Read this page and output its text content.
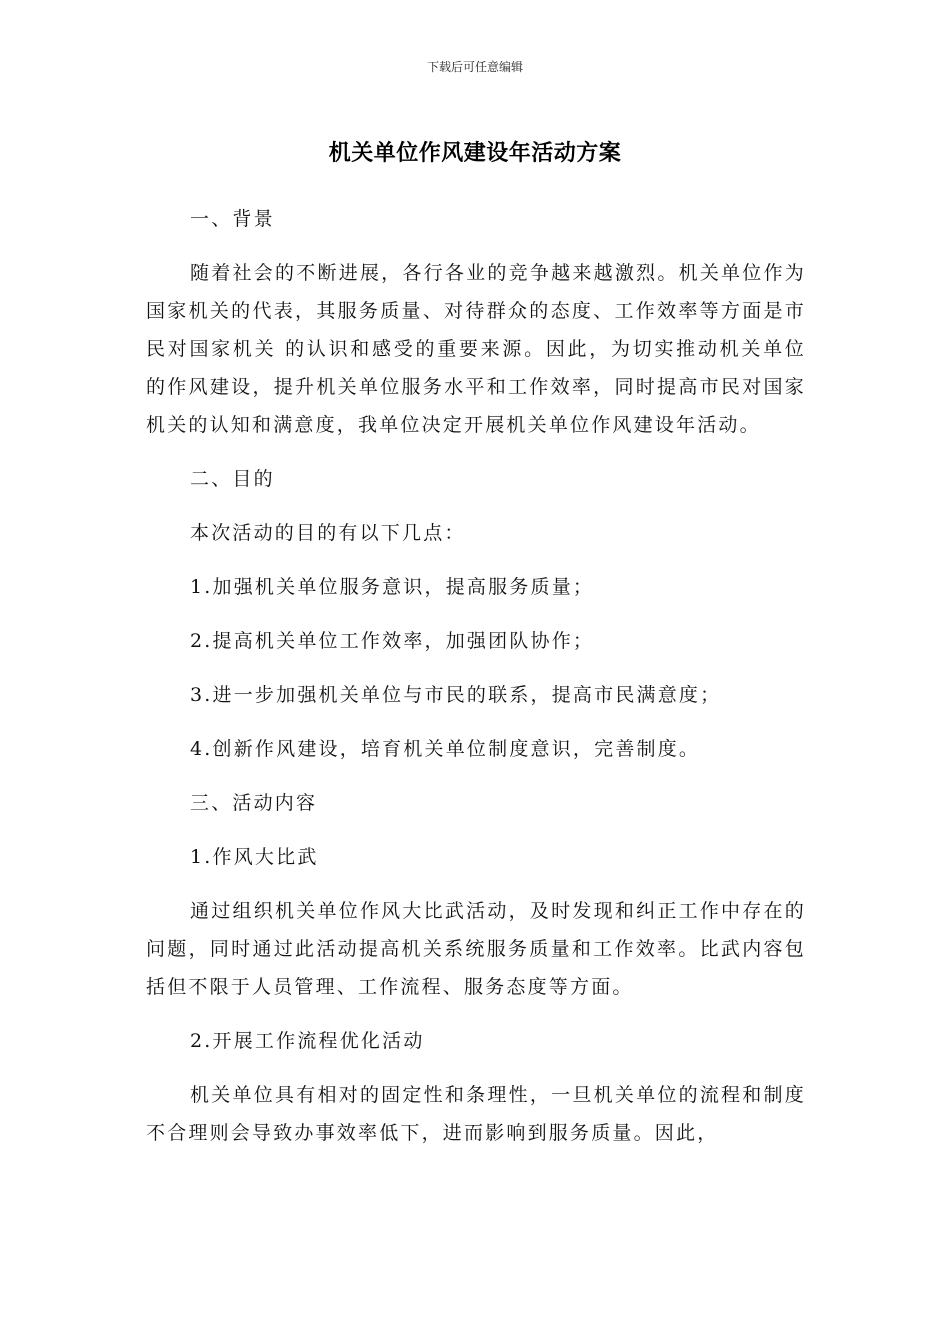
下载后可任意编辑
机关单位作风建设年活动方案

一、背景

随着社会的不断进展，各行各业的竞争越来越激烈。机关单位作为国家机关的代表，其服务质量、对待群众的态度、工作效率等方面是市民对国家机关 的认识和感受的重要来源。因此，为切实推动机关单位的作风建设，提升机关单位服务水平和工作效率，同时提高市民对国家机关的认知和满意度，我单位决定开展机关单位作风建设年活动。

二、目的

本次活动的目的有以下几点：

1.加强机关单位服务意识，提高服务质量；

2.提高机关单位工作效率，加强团队协作；

3.进一步加强机关单位与市民的联系，提高市民满意度；

4.创新作风建设，培育机关单位制度意识，完善制度。

三、活动内容

1.作风大比武

通过组织机关单位作风大比武活动，及时发现和纠正工作中存在的问题，同时通过此活动提高机关系统服务质量和工作效率。比武内容包括但不限于人员管理、工作流程、服务态度等方面。

2.开展工作流程优化活动

机关单位具有相对的固定性和条理性，一旦机关单位的流程和制度不合理则会导致办事效率低下，进而影响到服务质量。因此，
